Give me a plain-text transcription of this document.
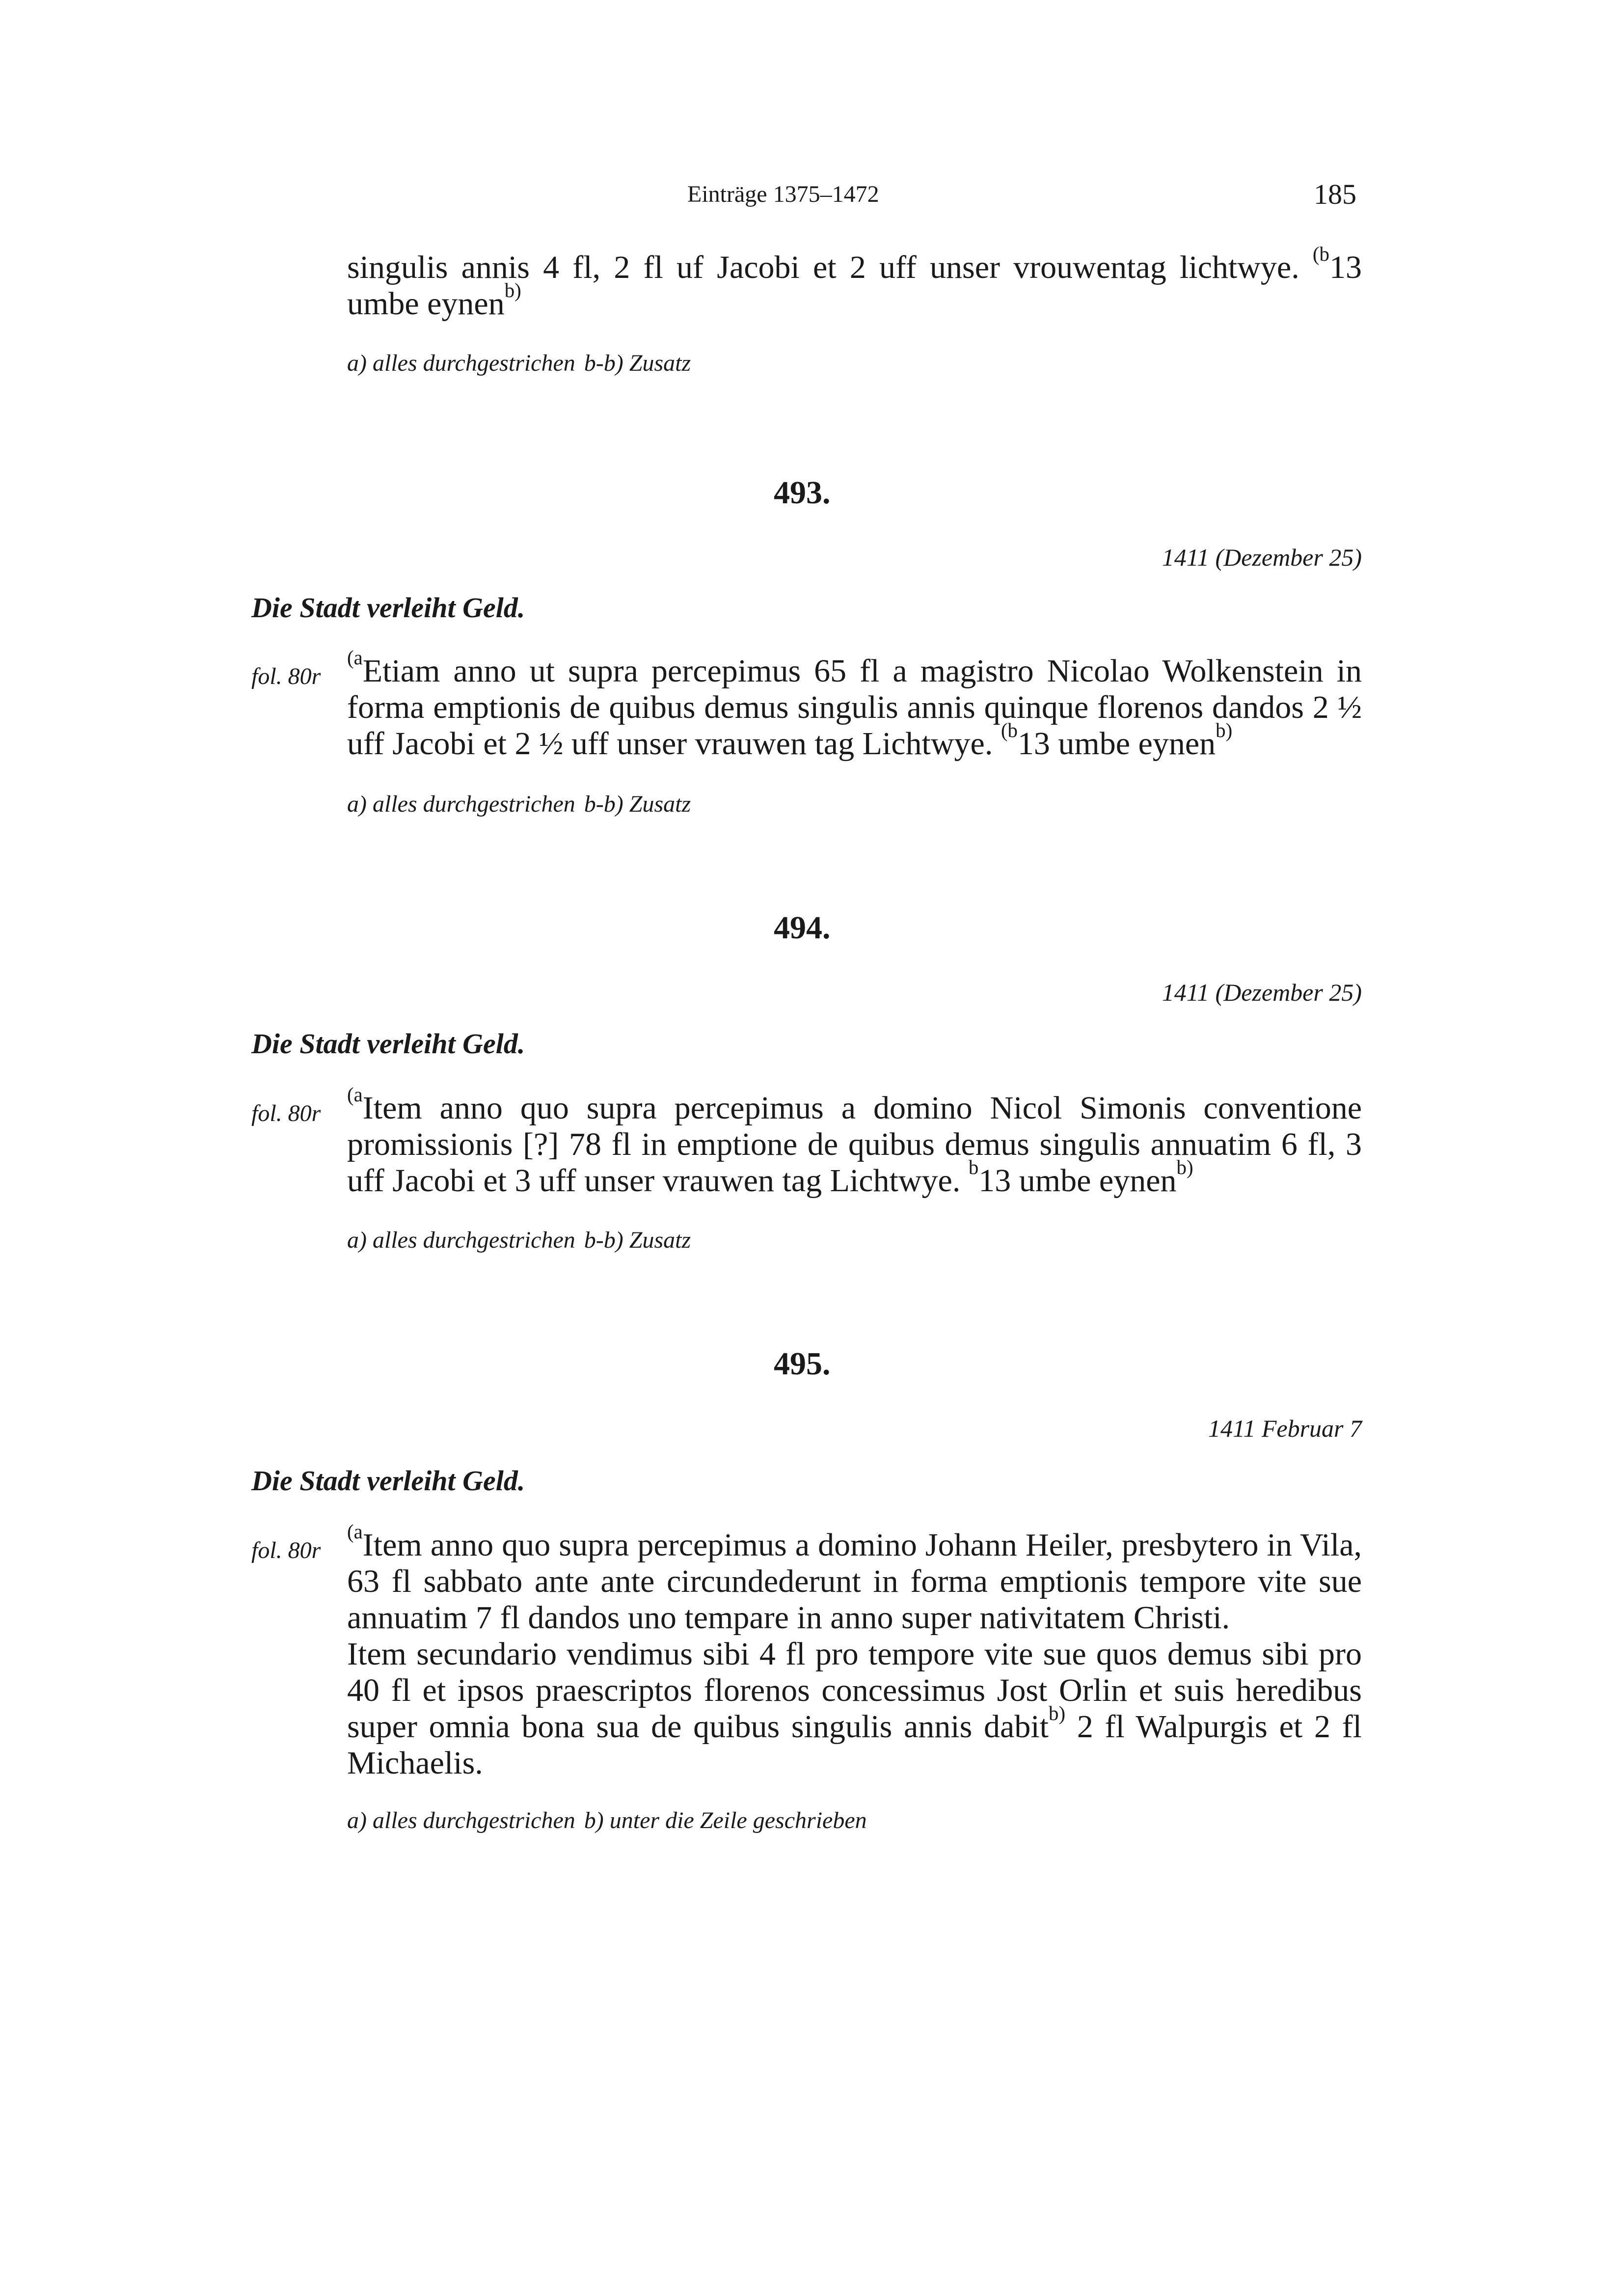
Einträge 1375–1472	185

singulis annis 4 fl, 2 fl uf Jacobi et 2 uff unser vrouwentag lichtwye. $^{(b}$13 umbe eynen$^{b)}$

a) alles durchgestrichen b-b) Zusatz
493.
1411 (Dezember 25)
Die Stadt verleiht Geld.
fol. 80r

$^{(a}$Etiam anno ut supra percepimus 65 fl a magistro Nicolao Wolkenstein in forma emptionis de quibus demus singulis annis quinque florenos dandos 2 ½ uff Jacobi et 2 ½ uff unser vrauwen tag Lichtwye. $^{(b}$13 umbe eynen$^{b)}$

a) alles durchgestrichen b-b) Zusatz
494.
1411 (Dezember 25)
Die Stadt verleiht Geld.
fol. 80r

$^{(a}$Item anno quo supra percepimus a domino Nicol Simonis conventione promissionis [?] 78 fl in emptione de quibus demus singulis annuatim 6 fl, 3 uff Jacobi et 3 uff unser vrauwen tag Lichtwye. $^b$13 umbe eynen$^{b)}$

a) alles durchgestrichen b-b) Zusatz
495.
1411 Februar 7
Die Stadt verleiht Geld.
fol. 80r

$^{(a}$Item anno quo supra percepimus a domino Johann Heiler, presbytero in Vila, 63 fl sabbato ante ante circundederunt in forma emptionis tempore vite sue annuatim 7 fl dandos uno tempare in anno super nativitatem Christi.

Item secundario vendimus sibi 4 fl pro tempore vite sue quos demus sibi pro 40 fl et ipsos praescriptos florenos concessimus Jost Orlin et suis heredibus super omnia bona sua de quibus singulis annis dabit$^{b)}$ 2 fl Walpurgis et 2 fl Michaelis.

a) alles durchgestrichen b) unter die Zeile geschrieben
